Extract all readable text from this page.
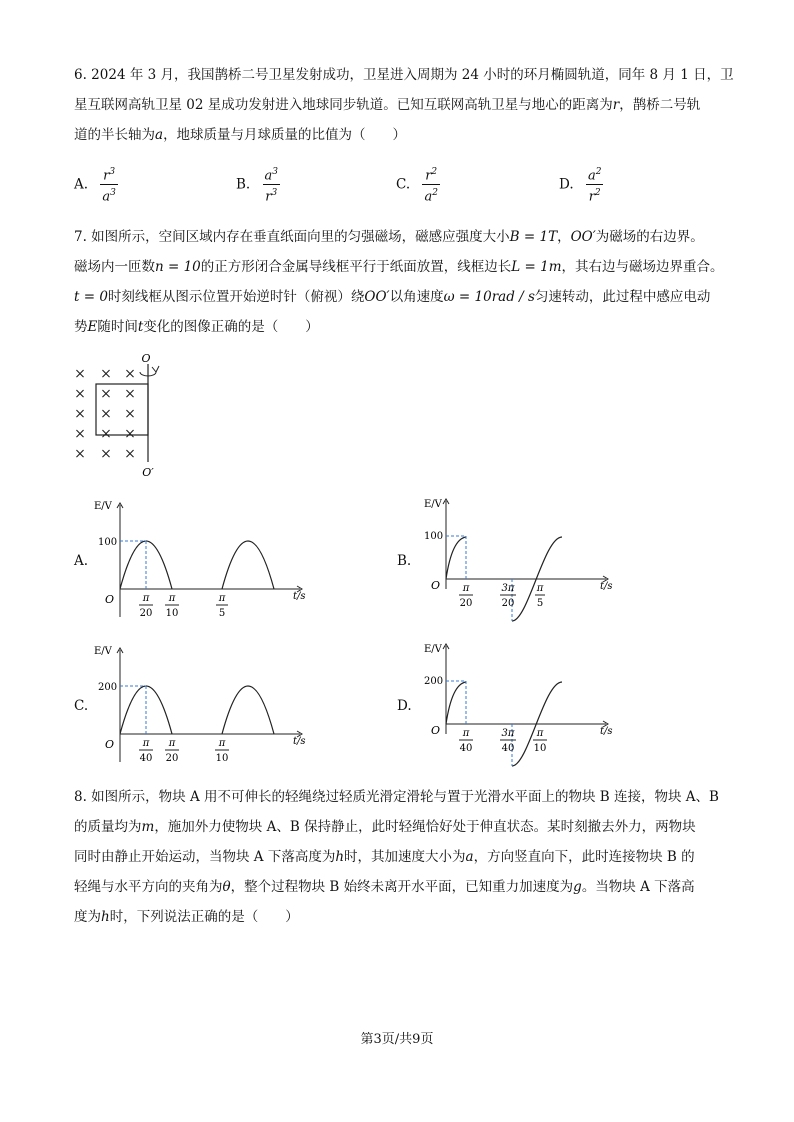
6. 2024 年 3 月，我国鹊桥二号卫星发射成功，卫星进入周期为 24 小时的环月椭圆轨道，同年 8 月 1 日，卫
星互联网高轨卫星 02 星成功发射进入地球同步轨道。已知互联网高轨卫星与地心的距离为r，鹊桥二号轨
道的半长轴为a，地球质量与月球质量的比值为（　　）
A. $\frac{r^3}{a^3}$	B. $\frac{a^3}{r^3}$	C. $\frac{r^2}{a^2}$	D. $\frac{a^2}{r^2}$
7. 如图所示，空间区域内存在垂直纸面向里的匀强磁场，磁感应强度大小B = 1T，OO′为磁场的右边界。
磁场内一匝数n = 10的正方形闭合金属导线框平行于纸面放置，线框边长L = 1m，其右边与磁场边界重合。
t = 0时刻线框从图示位置开始逆时针（俯视）绕OO′以角速度ω = 10rad / s匀速转动，此过程中感应电动
势E随时间t变化的图像正确的是（　　）
× × ×
× × ×
× × ×
× × ×
× × ×
O
O′
A.
E/V
t/s
O
100
π
20
π
10
π
5
B.
E/V
t/s
O
100
π
20
3π
20
π
5
C.
E/V
t/s
O
200
π
40
π
20
π
10
D.
E/V
t/s
O
200
π
40
3π
40
π
10
8. 如图所示，物块 A 用不可伸长的轻绳绕过轻质光滑定滑轮与置于光滑水平面上的物块 B 连接，物块 A、B
的质量均为m，施加外力使物块 A、B 保持静止，此时轻绳恰好处于伸直状态。某时刻撤去外力，两物块
同时由静止开始运动，当物块 A 下落高度为h时，其加速度大小为a，方向竖直向下，此时连接物块 B 的
轻绳与水平方向的夹角为θ，整个过程物块 B 始终未离开水平面，已知重力加速度为g。当物块 A 下落高
度为h时，下列说法正确的是（　　）
第3页/共9页
